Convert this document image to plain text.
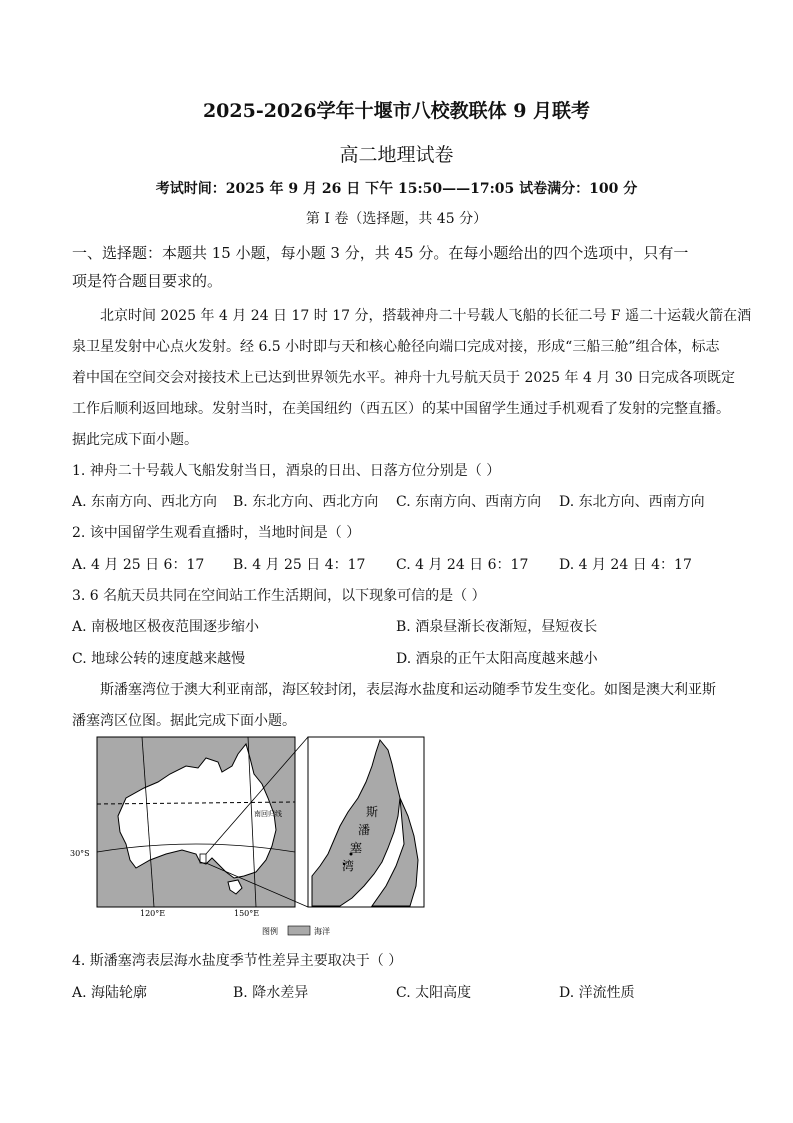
2025-2026学年十堰市八校教联体 9 月联考
高二地理试卷
考试时间：2025 年 9 月 26 日 下午 15:50——17:05 试卷满分：100 分
第 I 卷（选择题，共 45 分）
一、选择题：本题共 15 小题，每小题 3 分，共 45 分。在每小题给出的四个选项中，只有一
项是符合题目要求的。
北京时间 2025 年 4 月 24 日 17 时 17 分，搭载神舟二十号载人飞船的长征二号 F 遥二十运载火箭在酒
泉卫星发射中心点火发射。经 6.5 小时即与天和核心舱径向端口完成对接，形成“三船三舱”组合体，标志
着中国在空间交会对接技术上已达到世界领先水平。神舟十九号航天员于 2025 年 4 月 30 日完成各项既定
工作后顺利返回地球。发射当时，在美国纽约（西五区）的某中国留学生通过手机观看了发射的完整直播。
据此完成下面小题。
1. 神舟二十号载人飞船发射当日，酒泉的日出、日落方位分别是（ ）
A. 东南方向、西北方向 B. 东北方向、西北方向 C. 东南方向、西南方向 D. 东北方向、西南方向
2. 该中国留学生观看直播时，当地时间是（ ）
A. 4 月 25 日 6：17 B. 4 月 25 日 4：17 C. 4 月 24 日 6：17 D. 4 月 24 日 4：17
3. 6 名航天员共同在空间站工作生活期间，以下现象可信的是（ ）
A. 南极地区极夜范围逐步缩小	B. 酒泉昼渐长夜渐短，昼短夜长
C. 地球公转的速度越来越慢	D. 酒泉的正午太阳高度越来越小
斯潘塞湾位于澳大利亚南部，海区较封闭，表层海水盐度和运动随季节发生变化。如图是澳大利亚斯
潘塞湾区位图。据此完成下面小题。
南回归线
30°S
120°E	150°E
斯
潘
塞
湾
图例	海洋
4. 斯潘塞湾表层海水盐度季节性差异主要取决于（ ）
A. 海陆轮廓	B. 降水差异	C. 太阳高度	D. 洋流性质
